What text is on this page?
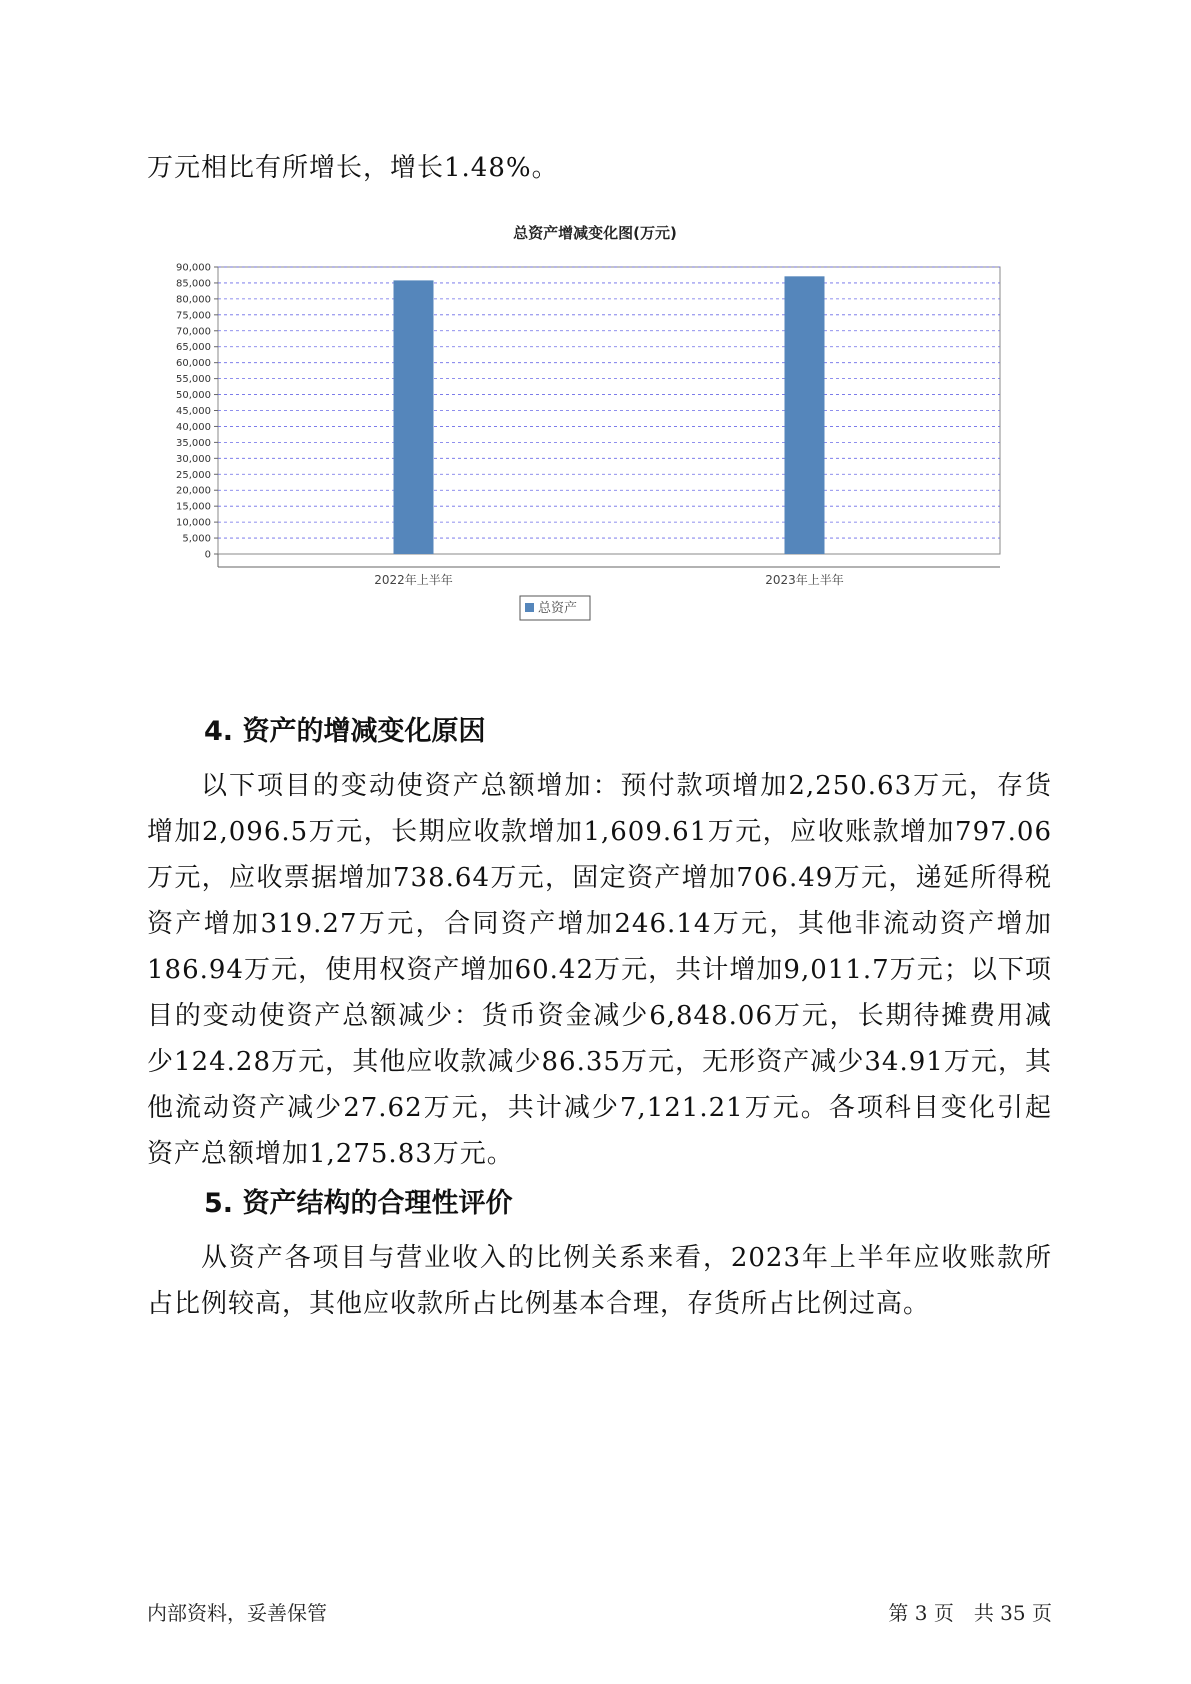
万元相比有所增长，增长1.48%。

总资产增减变化图(万元)
0
5,000
10,000
15,000
20,000
25,000
30,000
35,000
40,000
45,000
50,000
55,000
60,000
65,000
70,000
75,000
80,000
85,000
90,000
2022年上半年	2023年上半年
总资产
4. 资产的增减变化原因

以下项目的变动使资产总额增加：预付款项增加2,250.63万元，存货增加2,096.5万元，长期应收款增加1,609.61万元，应收账款增加797.06万元，应收票据增加738.64万元，固定资产增加706.49万元，递延所得税资产增加319.27万元，合同资产增加246.14万元，其他非流动资产增加186.94万元，使用权资产增加60.42万元，共计增加9,011.7万元；以下项目的变动使资产总额减少：货币资金减少6,848.06万元，长期待摊费用减少124.28万元，其他应收款减少86.35万元，无形资产减少34.91万元，其他流动资产减少27.62万元，共计减少7,121.21万元。各项科目变化引起资产总额增加1,275.83万元。

5. 资产结构的合理性评价

从资产各项目与营业收入的比例关系来看，2023年上半年应收账款所占比例较高，其他应收款所占比例基本合理，存货所占比例过高。

内部资料，妥善保管	第 3 页　共 35 页
